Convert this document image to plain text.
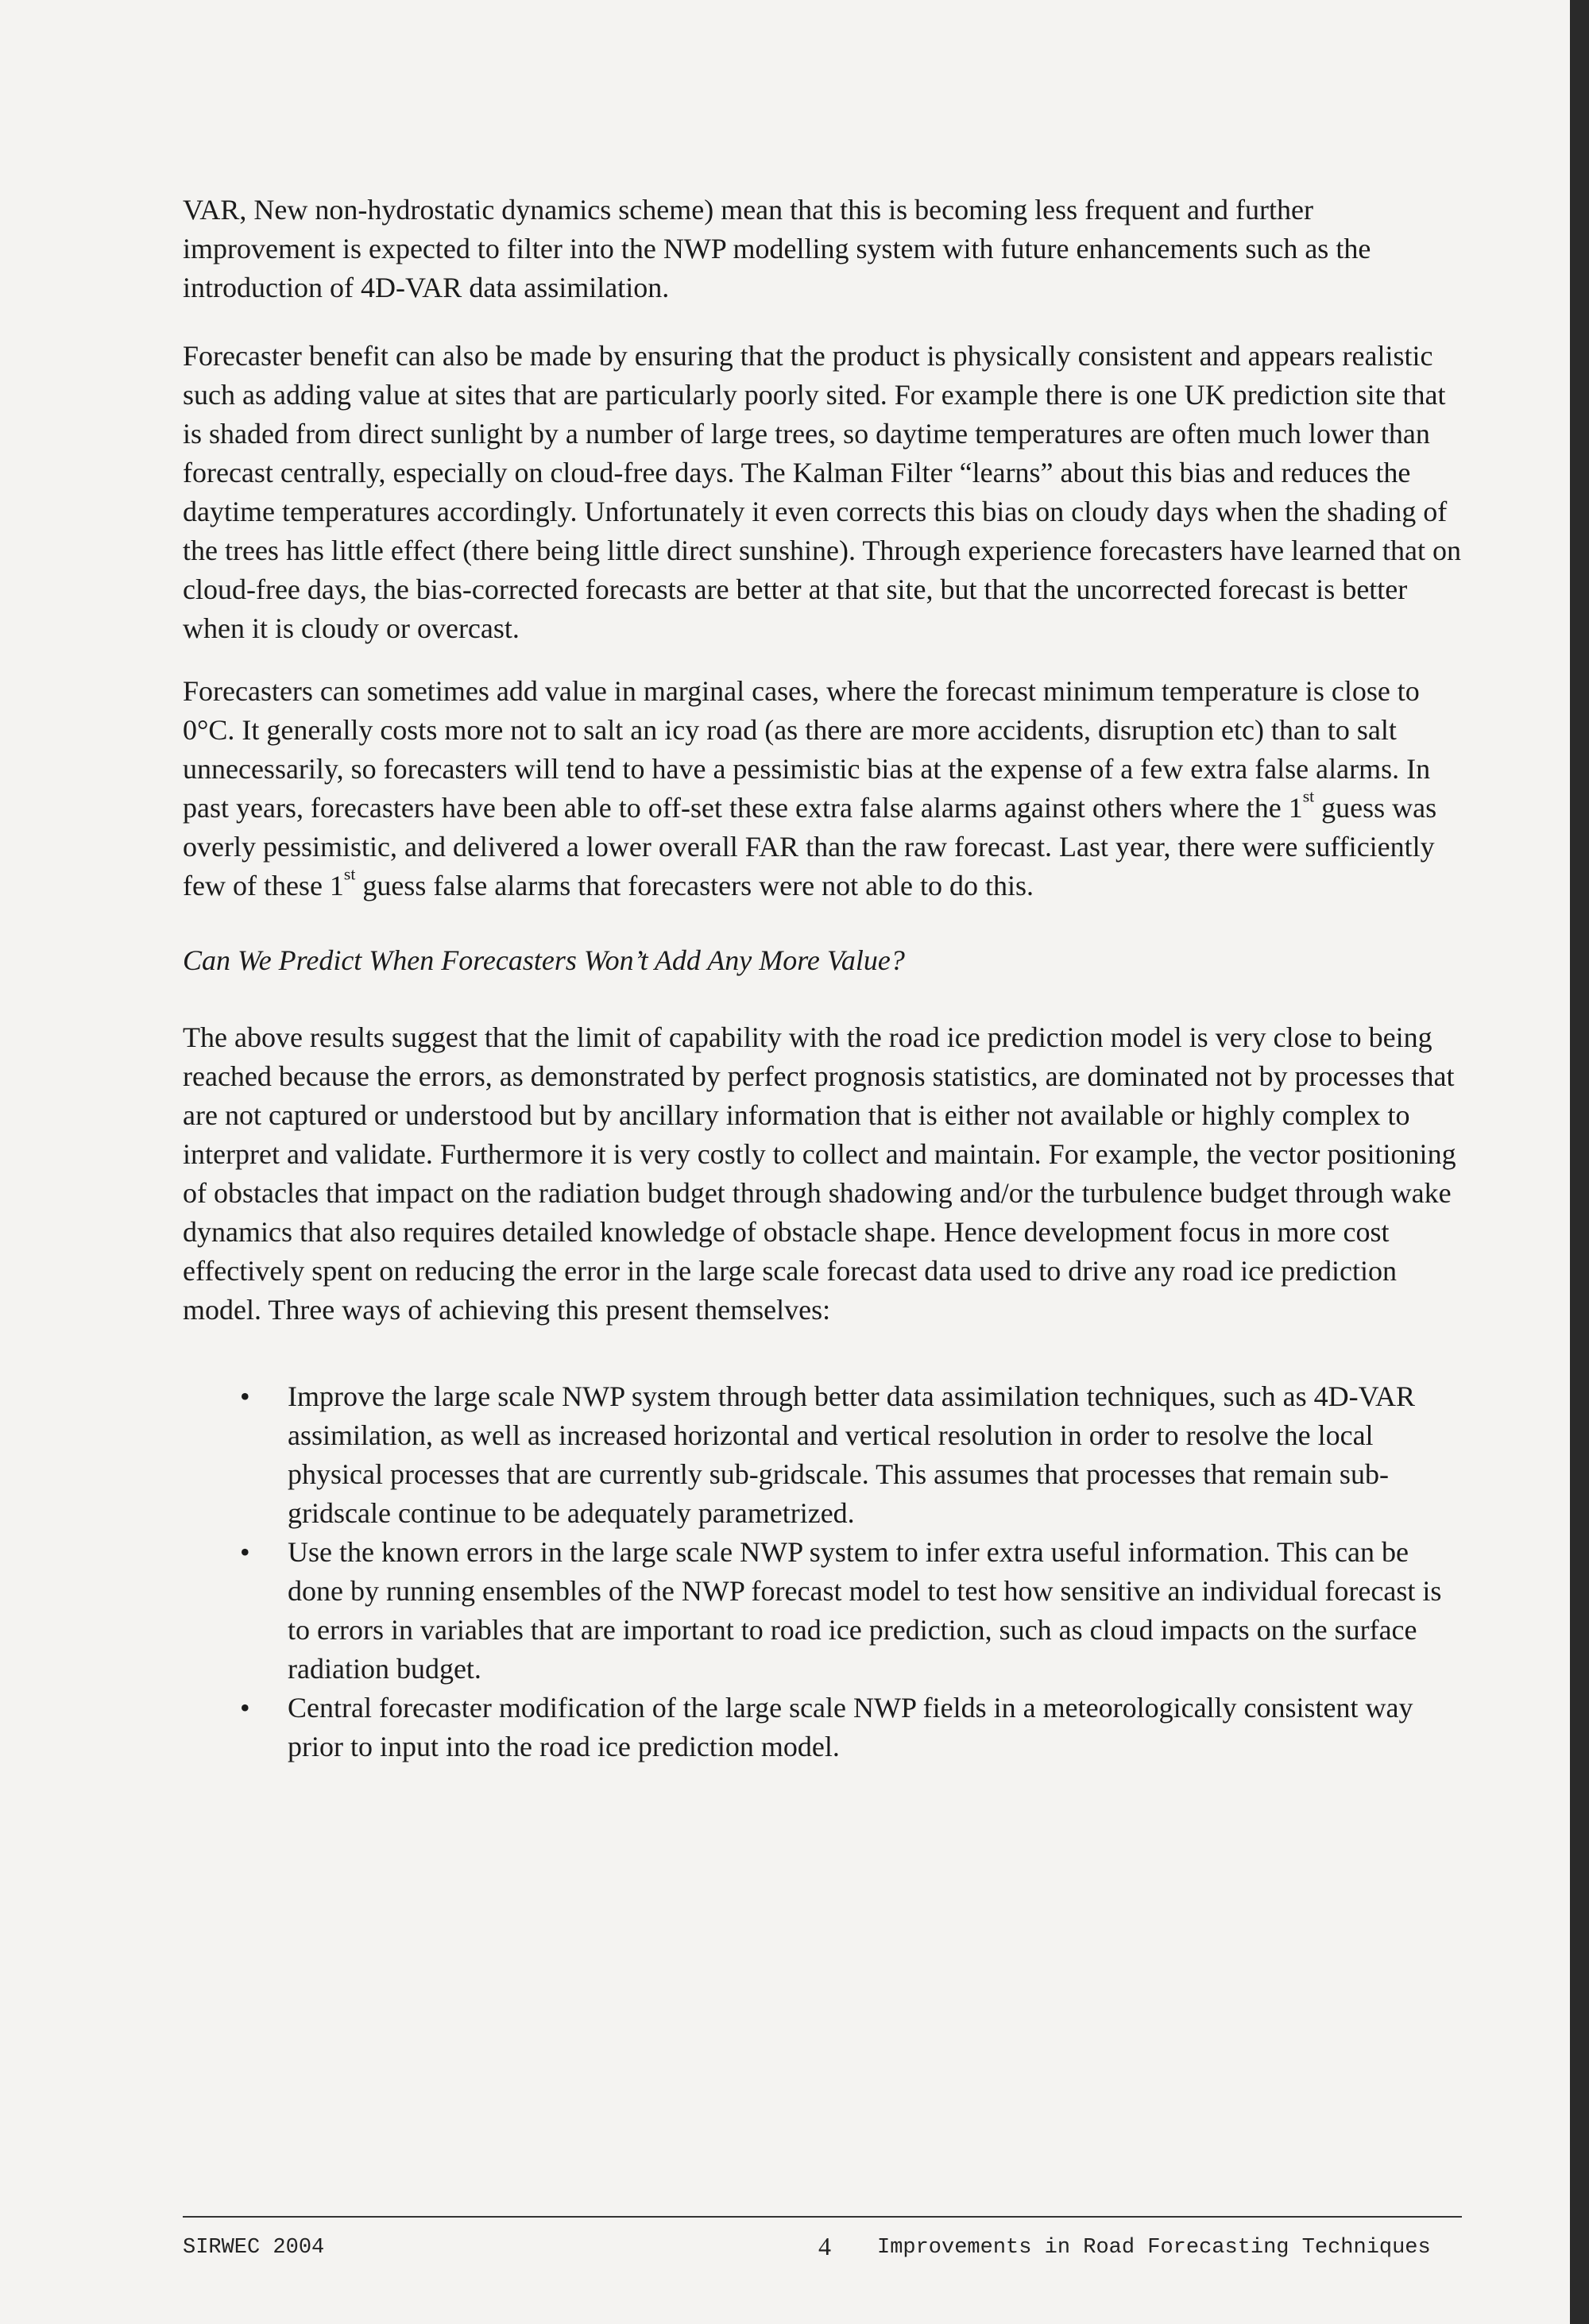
VAR, New non-hydrostatic dynamics scheme) mean that this is becoming less frequent and further improvement is expected to filter into the NWP modelling system with future enhancements such as the introduction of 4D-VAR data assimilation.

Forecaster benefit can also be made by ensuring that the product is physically consistent and appears realistic such as adding value at sites that are particularly poorly sited. For example there is one UK prediction site that is shaded from direct sunlight by a number of large trees, so daytime temperatures are often much lower than forecast centrally, especially on cloud-free days. The Kalman Filter “learns” about this bias and reduces the daytime temperatures accordingly. Unfortunately it even corrects this bias on cloudy days when the shading of the trees has little effect (there being little direct sunshine). Through experience forecasters have learned that on cloud-free days, the bias-corrected forecasts are better at that site, but that the uncorrected forecast is better when it is cloudy or overcast.

Forecasters can sometimes add value in marginal cases, where the forecast minimum temperature is close to 0°C. It generally costs more not to salt an icy road (as there are more accidents, disruption etc) than to salt unnecessarily, so forecasters will tend to have a pessimistic bias at the expense of a few extra false alarms. In past years, forecasters have been able to off-set these extra false alarms against others where the 1st guess was overly pessimistic, and delivered a lower overall FAR than the raw forecast. Last year, there were sufficiently few of these 1st guess false alarms that forecasters were not able to do this.

Can We Predict When Forecasters Won’t Add Any More Value?

The above results suggest that the limit of capability with the road ice prediction model is very close to being reached because the errors, as demonstrated by perfect prognosis statistics, are dominated not by processes that are not captured or understood but by ancillary information that is either not available or highly complex to interpret and validate. Furthermore it is very costly to collect and maintain. For example, the vector positioning of obstacles that impact on the radiation budget through shadowing and/or the turbulence budget through wake dynamics that also requires detailed knowledge of obstacle shape. Hence development focus in more cost effectively spent on reducing the error in the large scale forecast data used to drive any road ice prediction model. Three ways of achieving this present themselves:

• Improve the large scale NWP system through better data assimilation techniques, such as 4D-VAR assimilation, as well as increased horizontal and vertical resolution in order to resolve the local physical processes that are currently sub-gridscale. This assumes that processes that remain sub-gridscale continue to be adequately parametrized.
• Use the known errors in the large scale NWP system to infer extra useful information. This can be done by running ensembles of the NWP forecast model to test how sensitive an individual forecast is to errors in variables that are important to road ice prediction, such as cloud impacts on the surface radiation budget.
• Central forecaster modification of the large scale NWP fields in a meteorologically consistent way prior to input into the road ice prediction model.
SIRWEC 2004	4 Improvements in Road Forecasting Techniques
